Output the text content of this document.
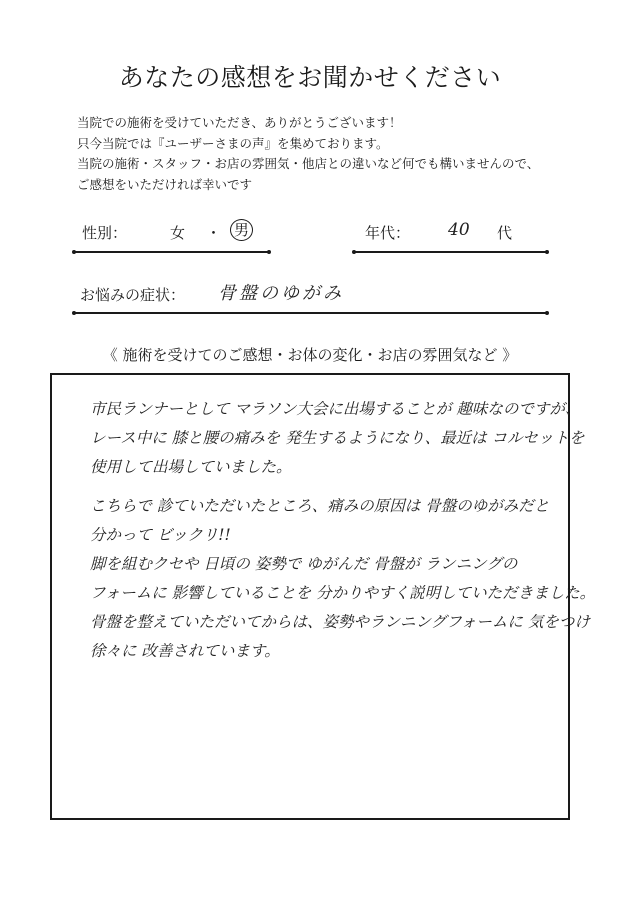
あなたの感想をお聞かせください
当院での施術を受けていただき、ありがとうございます！
只今当院では『ユーザーさまの声』を集めております。
当院の施術・スタッフ・お店の雰囲気・他店との違いなど何でも構いませんので、
ご感想をいただければ幸いです
性別：	女 ・ 男	年代： 40 代
お悩みの症状： 骨盤のゆがみ
《 施術を受けてのご感想・お体の変化・お店の雰囲気など 》
市民ランナーとして マラソン大会に出場することが 趣味なのですが、
レース中に 膝と腰の痛みを 発生するようになり、最近は コルセットを
使用して出場していました。
こちらで 診ていただいたところ、痛みの原因は 骨盤のゆがみだと
分かって ビックリ!!
脚を組むクセや 日頃の 姿勢で ゆがんだ 骨盤が ランニングの
フォームに 影響していることを 分かりやすく説明していただきました。
骨盤を整えていただいてからは、姿勢やランニングフォームに 気をつけ
徐々に 改善されています。
